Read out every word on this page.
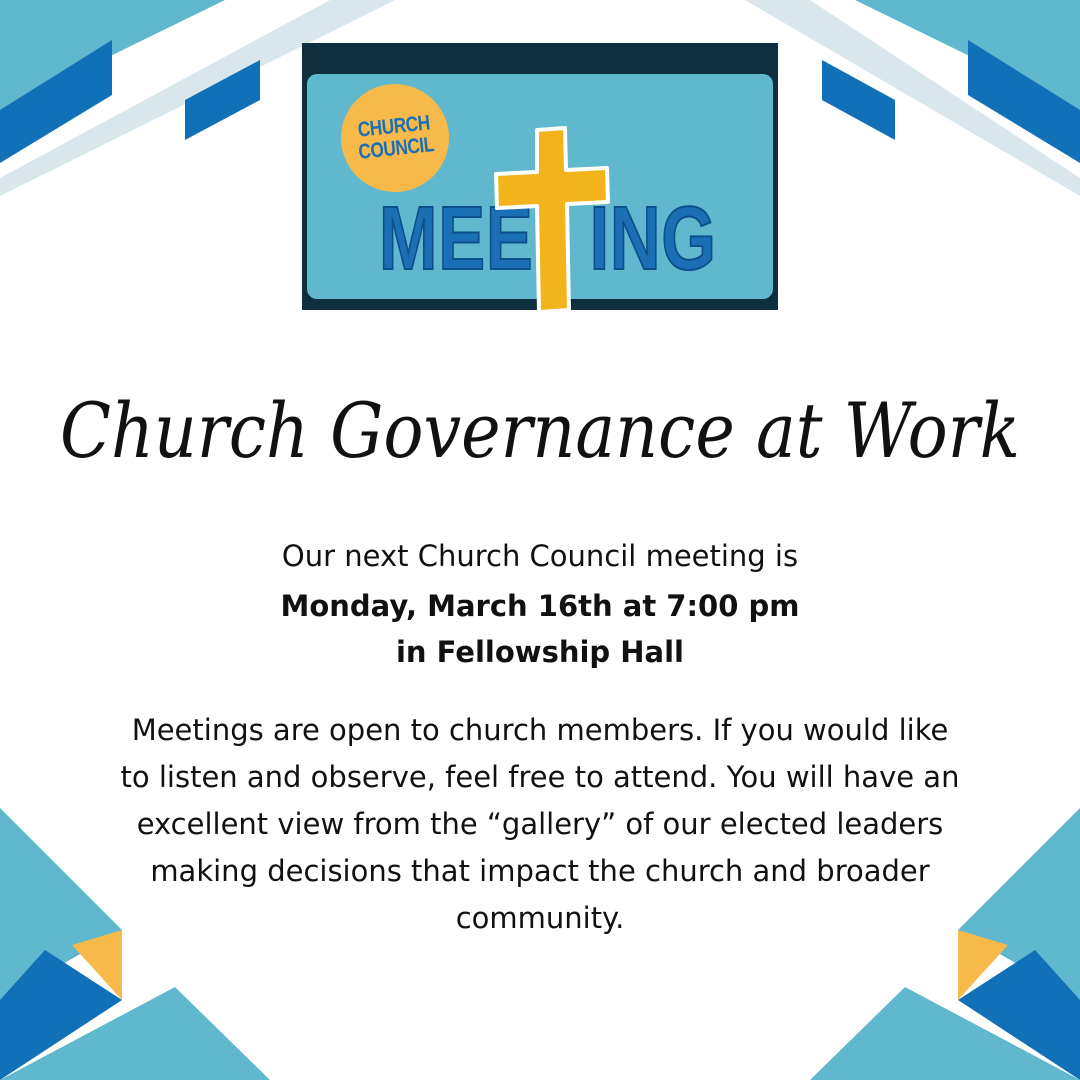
CHURCH
COUNCIL
MEE ING
Church Governance at Work
Our next Church Council meeting is
Monday, March 16th at 7:00 pm
in Fellowship Hall
Meetings are open to church members. If you would like to listen and observe, feel free to attend. You will have an excellent view from the “gallery” of our elected leaders making decisions that impact the church and broader community.
